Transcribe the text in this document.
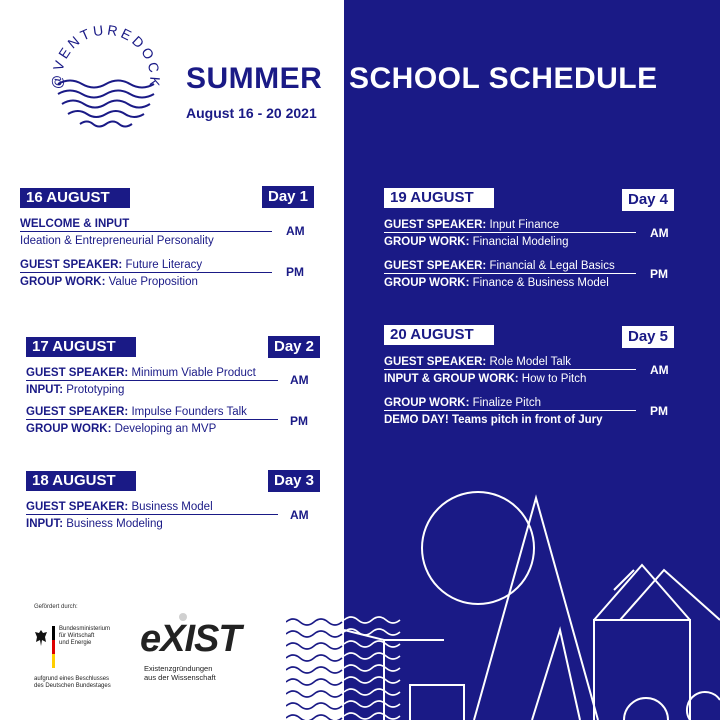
@VENTUREDOCK SUMMER SCHOOL SCHEDULE
August 16 - 20 2021
16 AUGUST	Day 1
WELCOME & INPUT
Ideation & Entrepreneurial Personality
AM
GUEST SPEAKER: Future Literacy
GROUP WORK: Value Proposition
PM
17 AUGUST	Day 2
GUEST SPEAKER: Minimum Viable Product
INPUT: Prototyping
AM
GUEST SPEAKER: Impulse Founders Talk
GROUP WORK: Developing an MVP
PM
18 AUGUST	Day 3
GUEST SPEAKER: Business Model
INPUT: Business Modeling
AM
19 AUGUST	Day 4
GUEST SPEAKER: Input Finance
GROUP WORK: Financial Modeling
AM
GUEST SPEAKER: Financial & Legal Basics
GROUP WORK: Finance & Business Model
PM
20 AUGUST	Day 5
GUEST SPEAKER: Role Model Talk
INPUT & GROUP WORK: How to Pitch
AM
GROUP WORK: Finalize Pitch
DEMO DAY! Teams pitch in front of Jury
PM
Gefördert durch:
Bundesministerium
für Wirtschaft
und Energie
aufgrund eines Beschlusses
des Deutschen Bundestages
eXIST
Existenzgründungen
aus der Wissenschaft
